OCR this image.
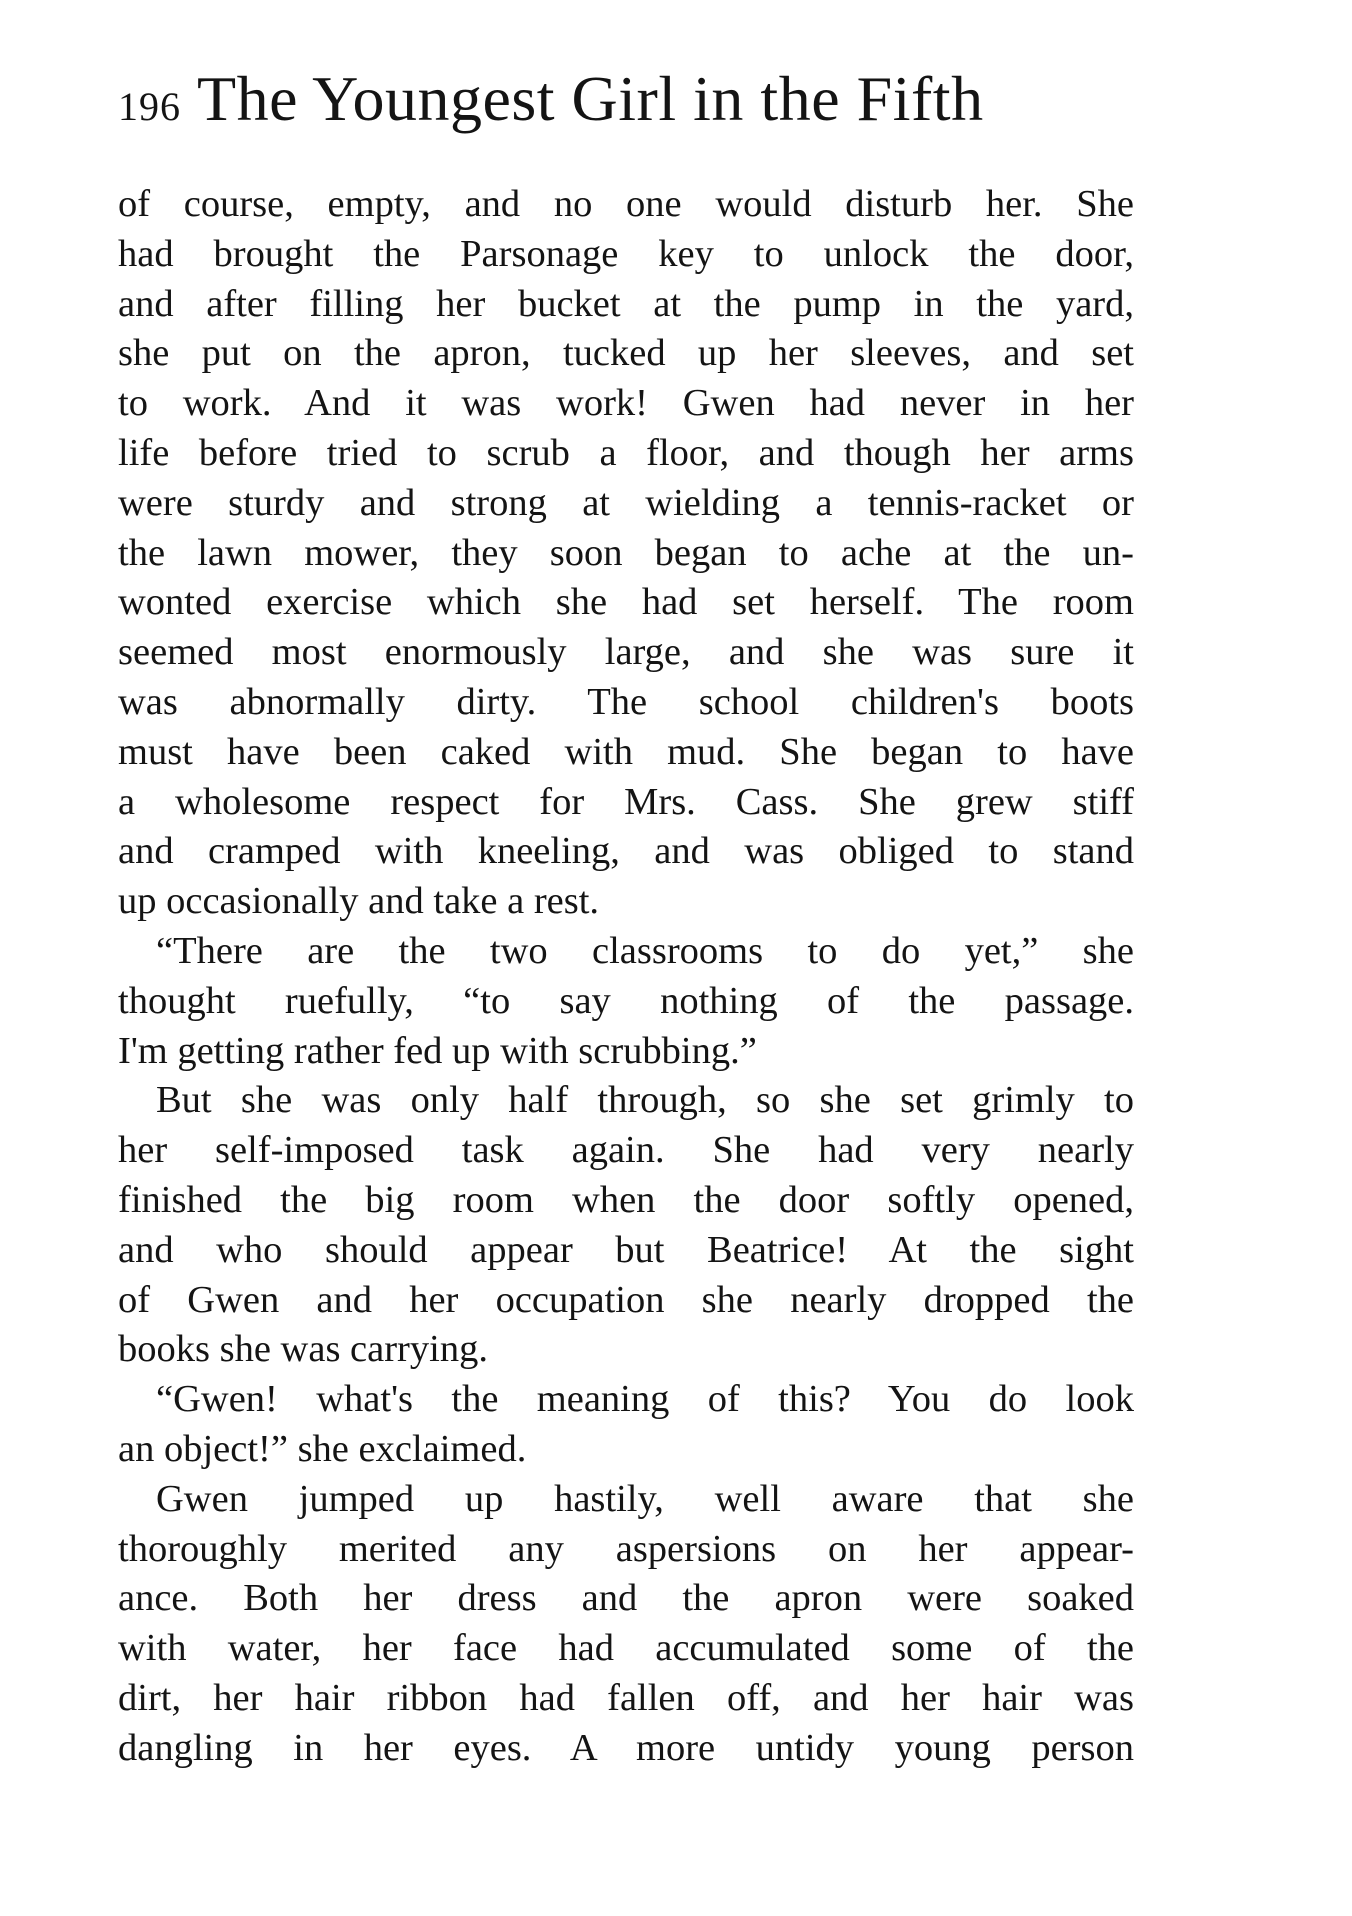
196 The Youngest Girl in the Fifth
of course, empty, and no one would disturb her. She
had brought the Parsonage key to unlock the door,
and after filling her bucket at the pump in the yard,
she put on the apron, tucked up her sleeves, and set
to work. And it was work! Gwen had never in her
life before tried to scrub a floor, and though her arms
were sturdy and strong at wielding a tennis-racket or
the lawn mower, they soon began to ache at the un-
wonted exercise which she had set herself. The room
seemed most enormously large, and she was sure it
was abnormally dirty. The school children's boots
must have been caked with mud. She began to have
a wholesome respect for Mrs. Cass. She grew stiff
and cramped with kneeling, and was obliged to stand
up occasionally and take a rest.
“There are the two classrooms to do yet,” she
thought ruefully, “to say nothing of the passage.
I'm getting rather fed up with scrubbing.”
But she was only half through, so she set grimly to
her self-imposed task again. She had very nearly
finished the big room when the door softly opened,
and who should appear but Beatrice! At the sight
of Gwen and her occupation she nearly dropped the
books she was carrying.
“Gwen! what's the meaning of this? You do look
an object!” she exclaimed.
Gwen jumped up hastily, well aware that she
thoroughly merited any aspersions on her appear-
ance. Both her dress and the apron were soaked
with water, her face had accumulated some of the
dirt, her hair ribbon had fallen off, and her hair was
dangling in her eyes. A more untidy young person
